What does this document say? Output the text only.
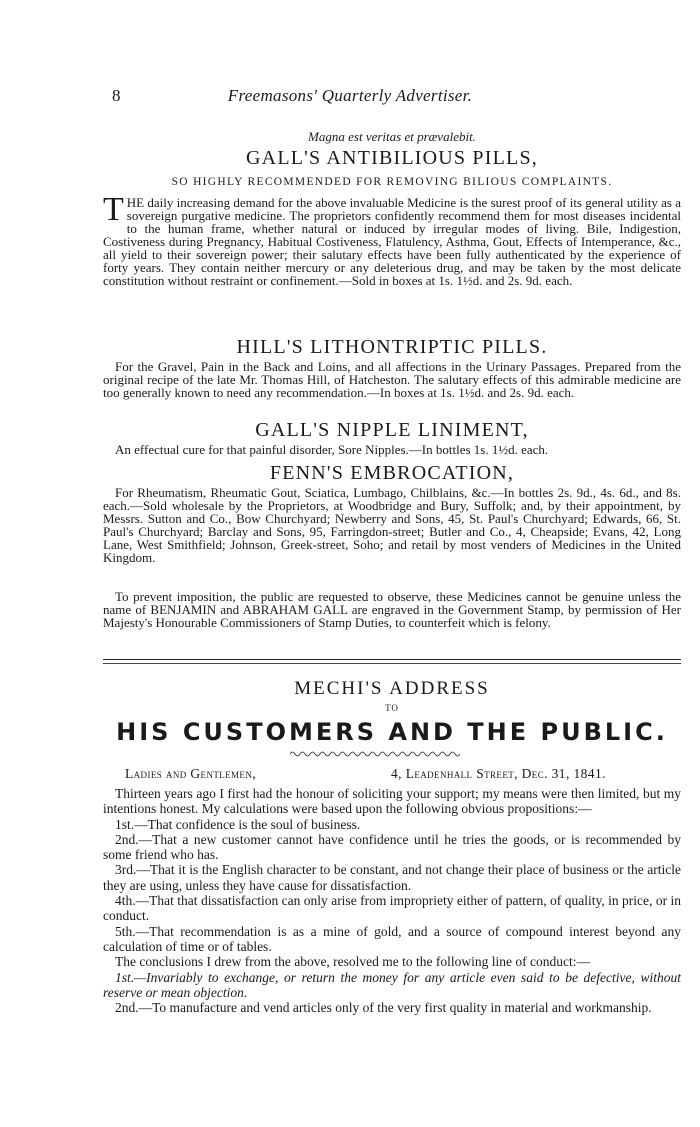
8	Freemasons' Quarterly Advertiser.
Magna est veritas et prævalebit.
GALL'S ANTIBILIOUS PILLS,
SO HIGHLY RECOMMENDED FOR REMOVING BILIOUS COMPLAINTS.
T HE daily increasing demand for the above invaluable Medicine is the surest proof of its general utility as a sovereign purgative medicine. The proprietors confidently recommend them for most diseases incidental to the human frame, whether natural or induced by irregular modes of living. Bile, Indigestion, Costiveness during Pregnancy, Habitual Costiveness, Flatulency, Asthma, Gout, Effects of Intemperance, &c., all yield to their sovereign power; their salutary effects have been fully authenticated by the experience of forty years. They contain neither mercury or any deleterious drug, and may be taken by the most delicate constitution without restraint or confinement.—Sold in boxes at 1s. 1½d. and 2s. 9d. each.
HILL'S LITHONTRIPTIC PILLS.
For the Gravel, Pain in the Back and Loins, and all affections in the Urinary Passages. Prepared from the original recipe of the late Mr. Thomas Hill, of Hatcheston. The salutary effects of this admirable medicine are too generally known to need any recommendation.—In boxes at 1s. 1½d. and 2s. 9d. each.
GALL'S NIPPLE LINIMENT,
An effectual cure for that painful disorder, Sore Nipples.—In bottles 1s. 1½d. each.
FENN'S EMBROCATION,
For Rheumatism, Rheumatic Gout, Sciatica, Lumbago, Chilblains, &c.—In bottles 2s. 9d., 4s. 6d., and 8s. each.—Sold wholesale by the Proprietors, at Woodbridge and Bury, Suffolk; and, by their appointment, by Messrs. Sutton and Co., Bow Churchyard; Newberry and Sons, 45, St. Paul's Churchyard; Edwards, 66, St. Paul's Churchyard; Barclay and Sons, 95, Farringdon-street; Butler and Co., 4, Cheapside; Evans, 42, Long Lane, West Smithfield; Johnson, Greek-street, Soho; and retail by most venders of Medicines in the United Kingdom.
To prevent imposition, the public are requested to observe, these Medicines cannot be genuine unless the name of BENJAMIN and ABRAHAM GALL are engraved in the Government Stamp, by permission of Her Majesty's Honourable Commissioners of Stamp Duties, to counterfeit which is felony.
MECHI'S ADDRESS
TO
HIS CUSTOMERS AND THE PUBLIC.
Ladies and Gentlemen,	4, Leadenhall Street, Dec. 31, 1841.

Thirteen years ago I first had the honour of soliciting your support; my means were then limited, but my intentions honest. My calculations were based upon the following obvious propositions:—

1st.—That confidence is the soul of business.

2nd.—That a new customer cannot have confidence until he tries the goods, or is recommended by some friend who has.

3rd.—That it is the English character to be constant, and not change their place of business or the article they are using, unless they have cause for dissatisfaction.

4th.—That that dissatisfaction can only arise from impropriety either of pattern, of quality, in price, or in conduct.

5th.—That recommendation is as a mine of gold, and a source of compound interest beyond any calculation of time or of tables.

The conclusions I drew from the above, resolved me to the following line of conduct:—

1st.—Invariably to exchange, or return the money for any article even said to be defective, without reserve or mean objection.

2nd.—To manufacture and vend articles only of the very first quality in material and workmanship.
